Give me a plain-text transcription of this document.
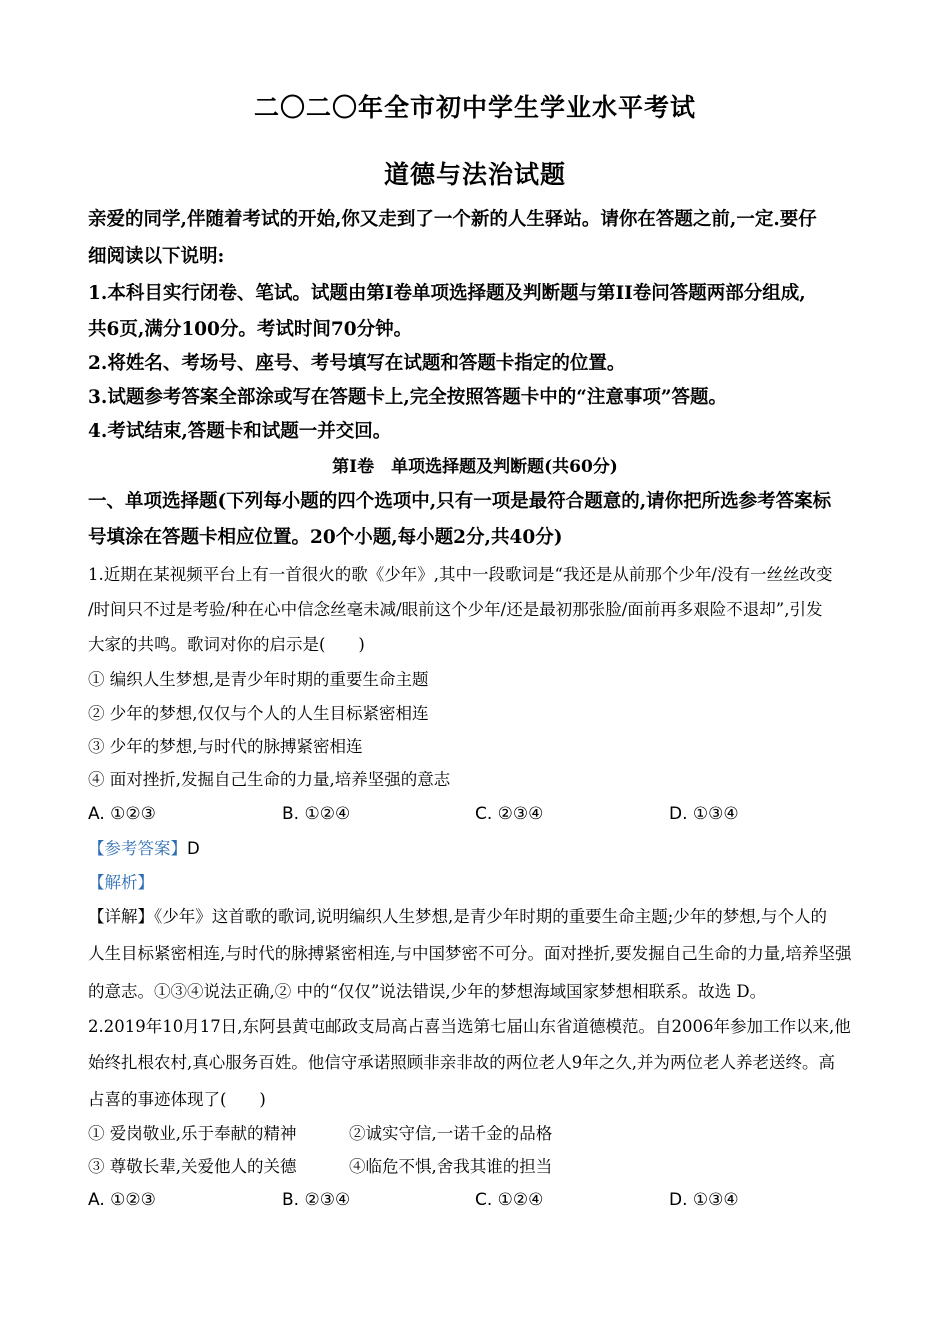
二〇二〇年全市初中学生学业水平考试
道德与法治试题
亲爱的同学,伴随着考试的开始,你又走到了一个新的人生驿站。请你在答题之前,一定.要仔
细阅读以下说明:
1.本科目实行闭卷、笔试。试题由第Ⅰ卷单项选择题及判断题与第II卷问答题两部分组成,
共6页,满分100分。考试时间70分钟。
2.将姓名、考场号、座号、考号填写在试题和答题卡指定的位置。
3.试题参考答案全部涂或写在答题卡上,完全按照答题卡中的“注意事项”答题。
4.考试结束,答题卡和试题一并交回。
第Ⅰ卷　单项选择题及判断题(共60分)
一、单项选择题(下列每小题的四个选项中,只有一项是最符合题意的,请你把所选参考答案标
号填涂在答题卡相应位置。20个小题,每小题2分,共40分)
1.近期在某视频平台上有一首很火的歌《少年》,其中一段歌词是“我还是从前那个少年/没有一丝丝改变
/时间只不过是考验/种在心中信念丝毫未减/眼前这个少年/还是最初那张脸/面前再多艰险不退却”,引发
大家的共鸣。歌词对你的启示是(　　)
① 编织人生梦想,是青少年时期的重要生命主题
② 少年的梦想,仅仅与个人的人生目标紧密相连
③ 少年的梦想,与时代的脉搏紧密相连
④ 面对挫折,发掘自己生命的力量,培养坚强的意志
A. ①②③	B. ①②④	C. ②③④	D. ①③④
【参考答案】D
【解析】
【详解】《少年》这首歌的歌词,说明编织人生梦想,是青少年时期的重要生命主题;少年的梦想,与个人的
人生目标紧密相连,与时代的脉搏紧密相连,与中国梦密不可分。面对挫折,要发掘自己生命的力量,培养坚强
的意志。①③④说法正确,② 中的“仅仅”说法错误,少年的梦想海域国家梦想相联系。故选 D。
2.2019年10月17日,东阿县黄屯邮政支局高占喜当选第七届山东省道德模范。自2006年参加工作以来,他
始终扎根农村,真心服务百姓。他信守承诺照顾非亲非故的两位老人9年之久,并为两位老人养老送终。高
占喜的事迹体现了(　　)
① 爱岗敬业,乐于奉献的精神	②诚实守信,一诺千金的品格
③ 尊敬长辈,关爱他人的关德	④临危不惧,舍我其谁的担当
A. ①②③	B. ②③④	C. ①②④	D. ①③④
